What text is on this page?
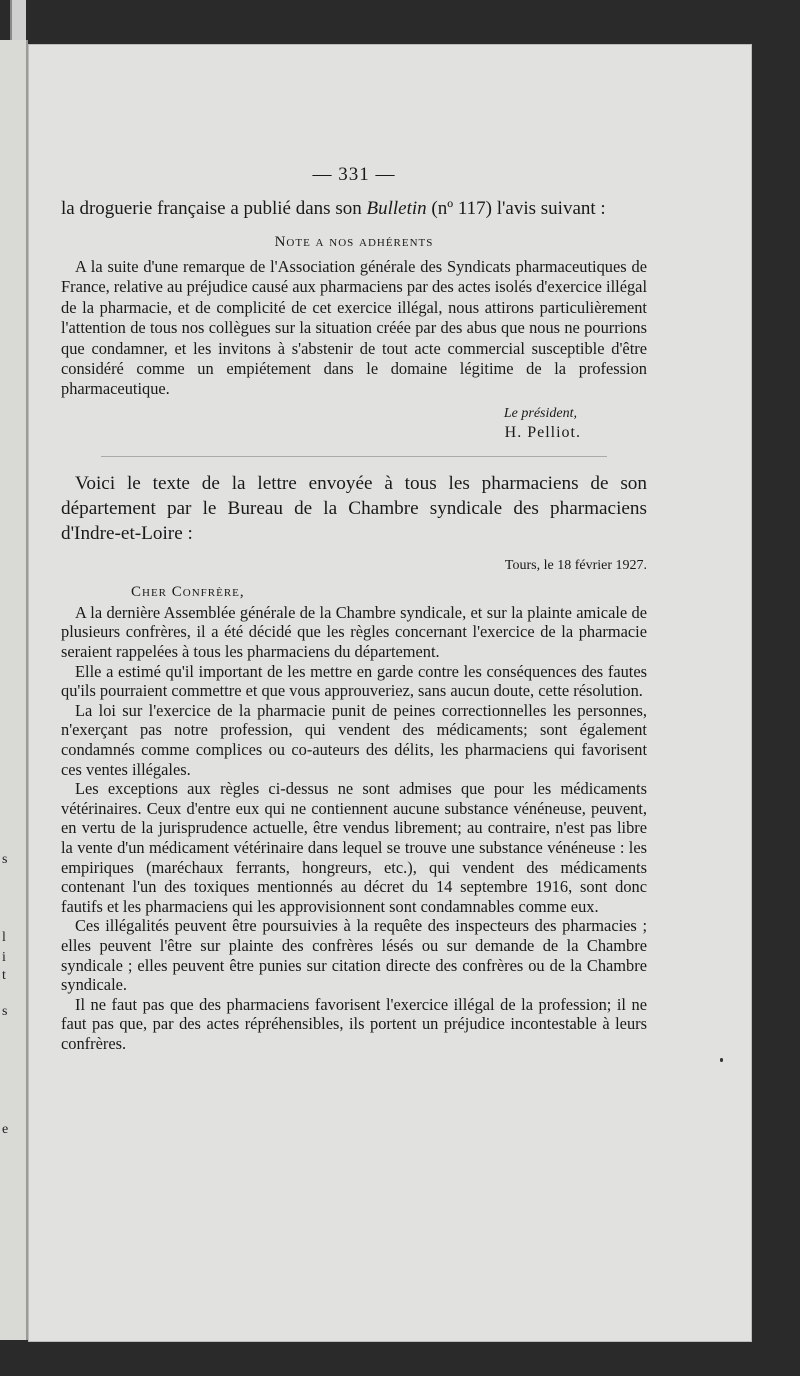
s
l
i
t
s
e

— 331 —

la droguerie française a publié dans son Bulletin (nº 117) l'avis suivant :

Note a nos adhérents

A la suite d'une remarque de l'Association générale des Syndicats pharmaceutiques de France, relative au préjudice causé aux pharmaciens par des actes isolés d'exercice illégal de la pharmacie, et de complicité de cet exercice illégal, nous attirons particulièrement l'attention de tous nos collègues sur la situation créée par des abus que nous ne pourrions que condamner, et les invitons à s'abstenir de tout acte commercial susceptible d'être considéré comme un empiétement dans le domaine légitime de la profession pharmaceutique.

Le président,

H. Pelliot.

Voici le texte de la lettre envoyée à tous les pharmaciens de son département par le Bureau de la Chambre syndicale des pharmaciens d'Indre-et-Loire :

Tours, le 18 février 1927.

Cher Confrère,

A la dernière Assemblée générale de la Chambre syndicale, et sur la plainte amicale de plusieurs confrères, il a été décidé que les règles concernant l'exercice de la pharmacie seraient rappelées à tous les pharmaciens du département.

Elle a estimé qu'il important de les mettre en garde contre les conséquences des fautes qu'ils pourraient commettre et que vous approuveriez, sans aucun doute, cette résolution.

La loi sur l'exercice de la pharmacie punit de peines correctionnelles les personnes, n'exerçant pas notre profession, qui vendent des médicaments; sont également condamnés comme complices ou co-auteurs des délits, les pharmaciens qui favorisent ces ventes illégales.

Les exceptions aux règles ci-dessus ne sont admises que pour les médicaments vétérinaires. Ceux d'entre eux qui ne contiennent aucune substance vénéneuse, peuvent, en vertu de la jurisprudence actuelle, être vendus librement; au contraire, n'est pas libre la vente d'un médicament vétérinaire dans lequel se trouve une substance vénéneuse : les empiriques (maréchaux ferrants, hongreurs, etc.), qui vendent des médicaments contenant l'un des toxiques mentionnés au décret du 14 septembre 1916, sont donc fautifs et les pharmaciens qui les approvisionnent sont condamnables comme eux.

Ces illégalités peuvent être poursuivies à la requête des inspecteurs des pharmacies ; elles peuvent l'être sur plainte des confrères lésés ou sur demande de la Chambre syndicale ; elles peuvent être punies sur citation directe des confrères ou de la Chambre syndicale.

Il ne faut pas que des pharmaciens favorisent l'exercice illégal de la profession; il ne faut pas que, par des actes répréhensibles, ils portent un préjudice incontestable à leurs confrères.
